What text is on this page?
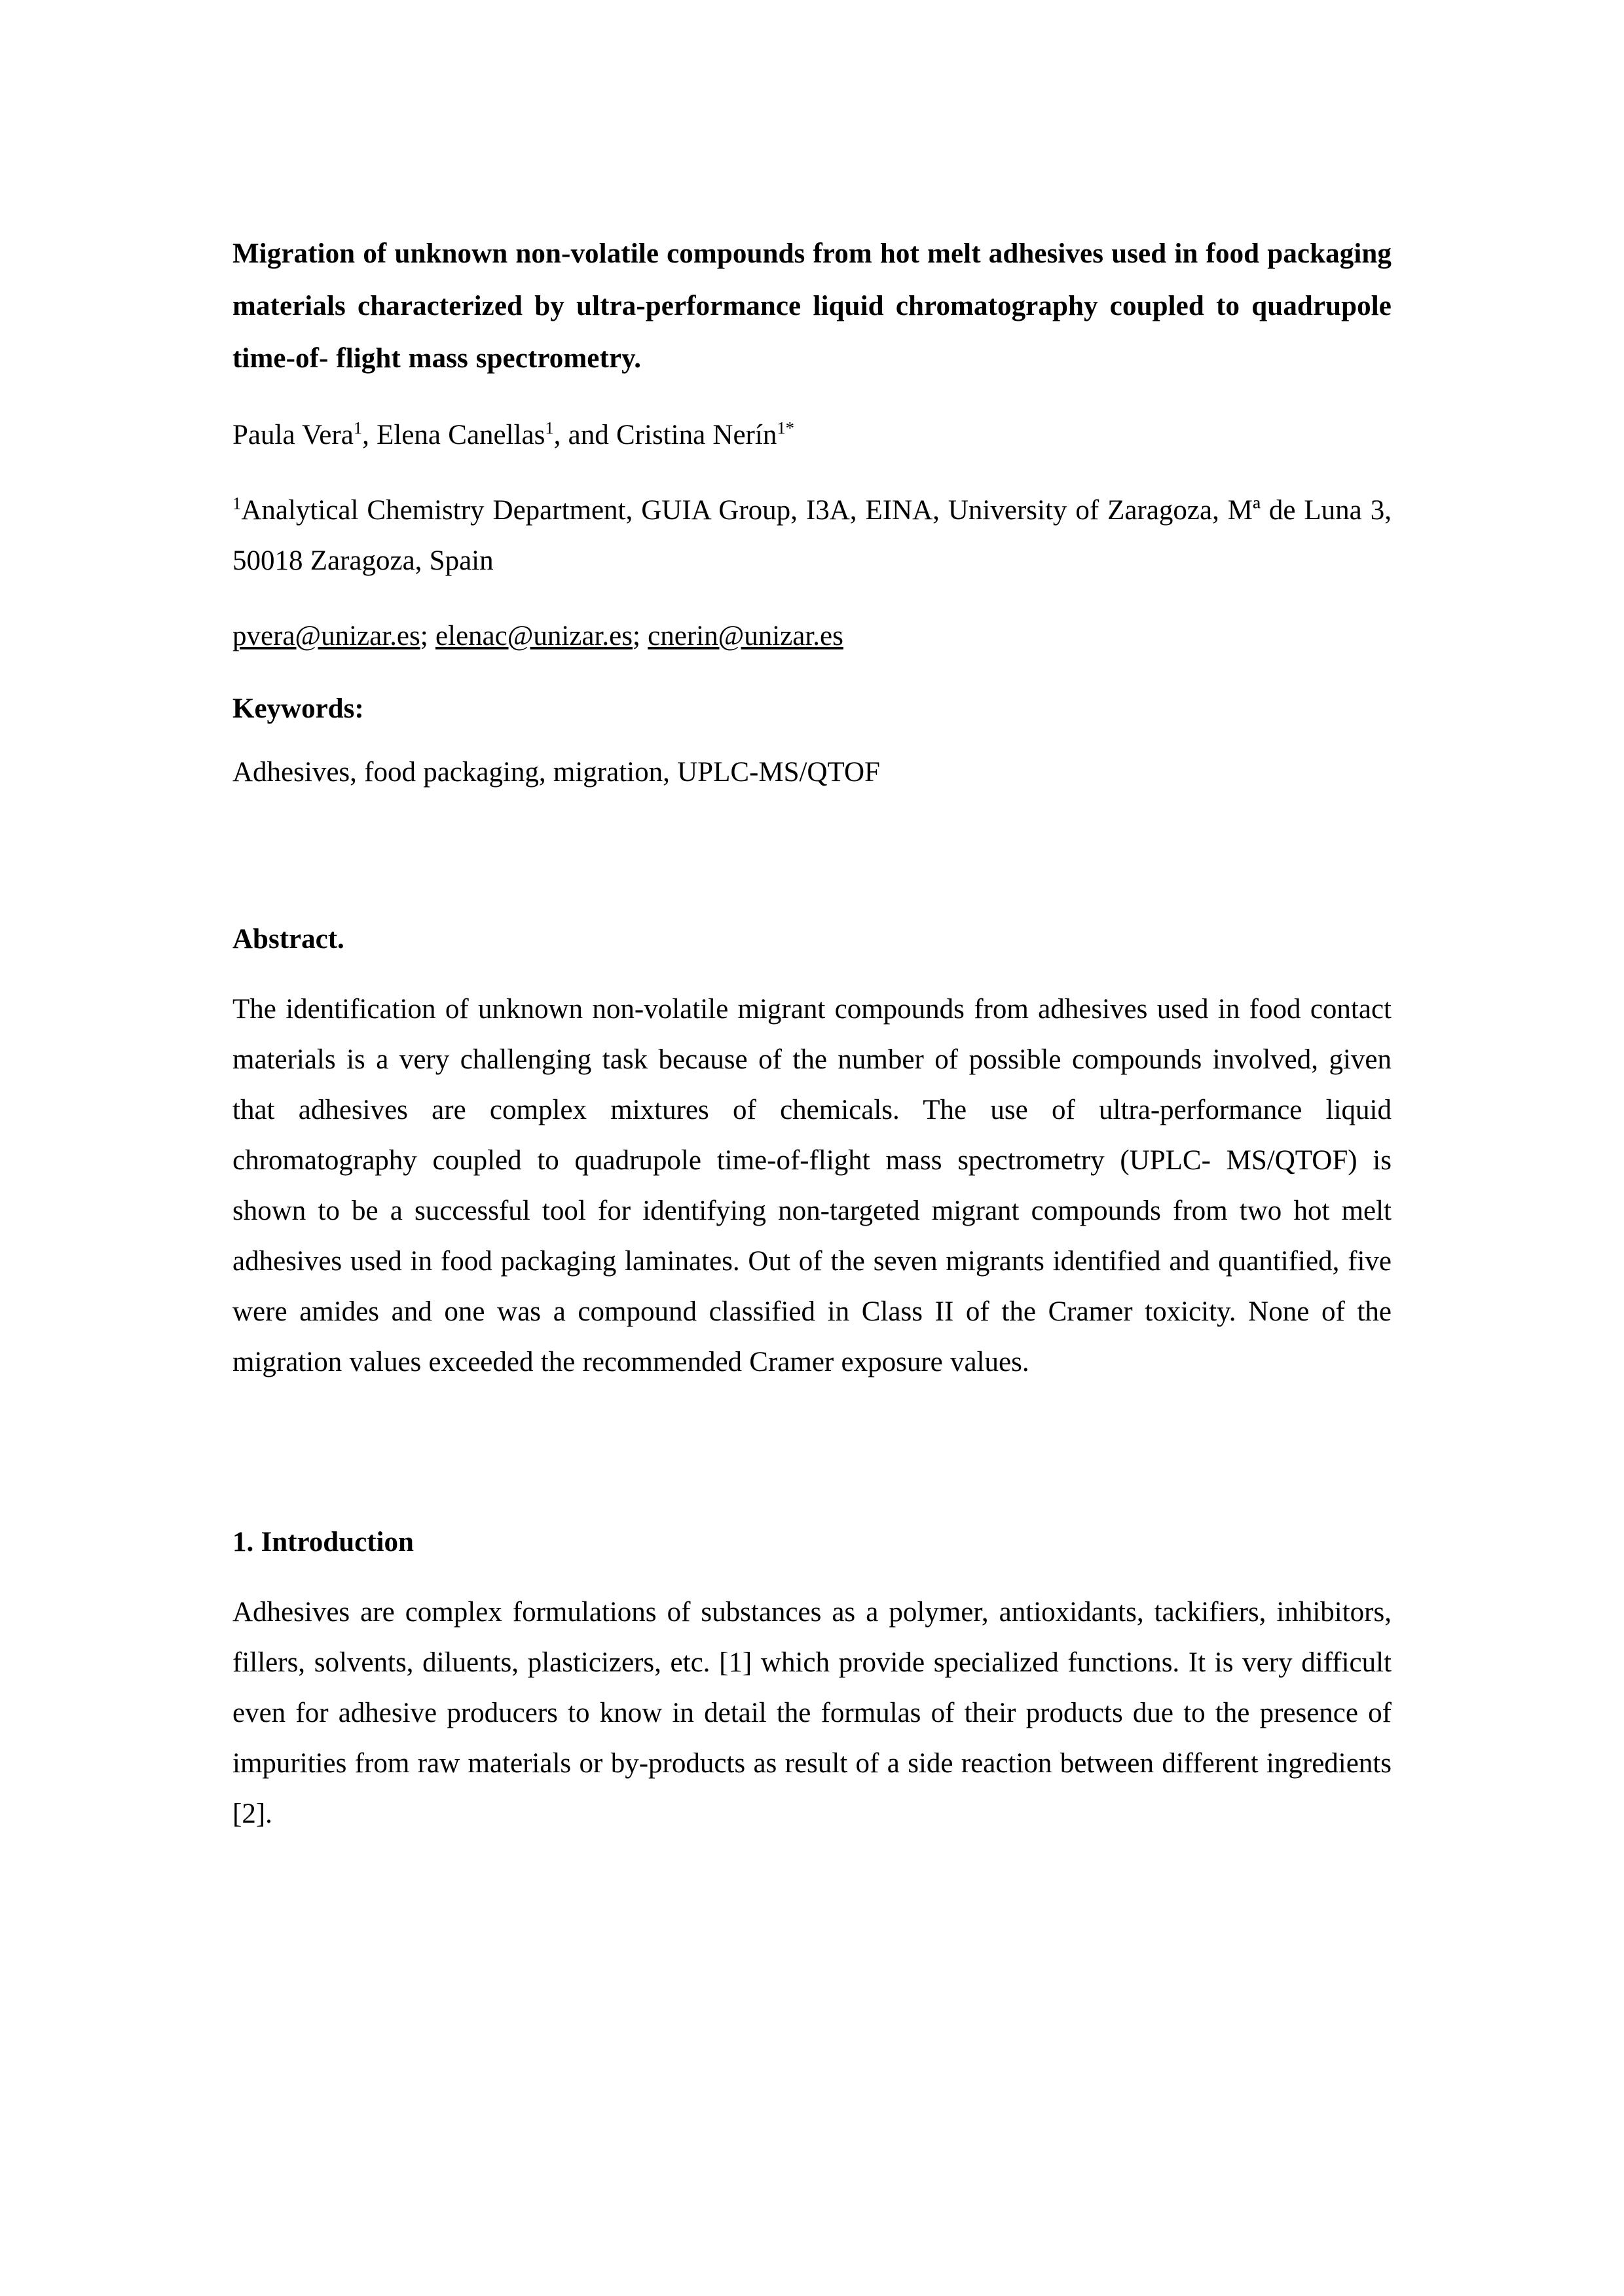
Migration of unknown non-volatile compounds from hot melt adhesives used in food packaging materials characterized by ultra-performance liquid chromatography coupled to quadrupole time-of- flight mass spectrometry.

Paula Vera$^1$, Elena Canellas$^1$, and Cristina Nerín$^{1*}$

$^1$Analytical Chemistry Department, GUIA Group, I3A, EINA, University of Zaragoza, Mª de Luna 3, 50018 Zaragoza, Spain

pvera@unizar.es; elenac@unizar.es; cnerin@unizar.es

Keywords:

Adhesives, food packaging, migration, UPLC-MS/QTOF

Abstract.

The identification of unknown non-volatile migrant compounds from adhesives used in food contact materials is a very challenging task because of the number of possible compounds involved, given that adhesives are complex mixtures of chemicals. The use of ultra-performance liquid chromatography coupled to quadrupole time-of-flight mass spectrometry (UPLC- MS/QTOF) is shown to be a successful tool for identifying non-targeted migrant compounds from two hot melt adhesives used in food packaging laminates. Out of the seven migrants identified and quantified, five were amides and one was a compound classified in Class II of the Cramer toxicity. None of the migration values exceeded the recommended Cramer exposure values.

1. Introduction

Adhesives are complex formulations of substances as a polymer, antioxidants, tackifiers, inhibitors, fillers, solvents, diluents, plasticizers, etc. [1] which provide specialized functions. It is very difficult even for adhesive producers to know in detail the formulas of their products due to the presence of impurities from raw materials or by-products as result of a side reaction between different ingredients [2].
